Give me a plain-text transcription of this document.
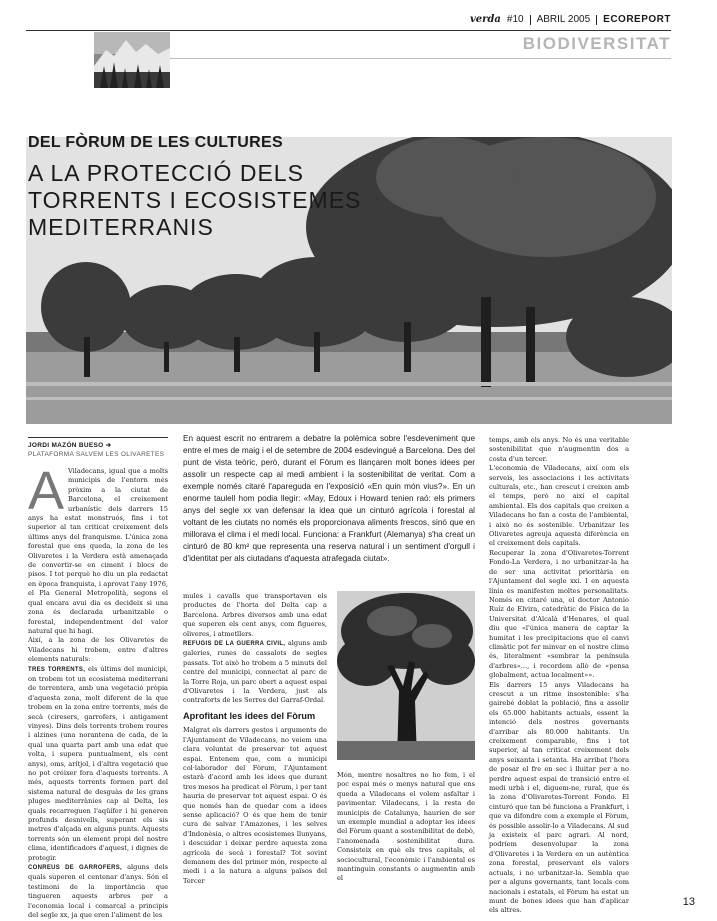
verda #10 ABRIL 2005 ECOREPORT
BIODIVERSITAT
DEL FÒRUM DE LES CULTURES
A LA PROTECCIÓ DELS TORRENTS I ECOSISTEMES MEDITERRANIS
JORDI MAZÓN BUESO ➔
PLATAFORMA SALVEM LES OLIVARETES
En aquest escrit no entrarem a debatre la polèmica sobre l'esdeveniment que entre el mes de maig i el de setembre de 2004 esdevingué a Barcelona. Des del punt de vista teòric, però, durant el Fòrum es llançaren molt bones idees per assolir un respecte cap al medi ambient i la sostenibilitat de veritat. Com a exemple només citaré l'apareguda en l'exposició «En quin món vius?». En un enorme taulell hom podia llegir: «May, Edoux i Howard tenien raó: els primers anys del segle xx van defensar la idea que un cinturó agrícola i forestal al voltant de les ciutats no només els proporcionava aliments frescos, sinó que en millorava el clima i el medi local. Funciona: a Frankfurt (Alemanya) s'ha creat un cinturó de 80 km² que representa una reserva natural i un sentiment d'orgull i d'identitat per als ciutadans d'aquesta atrafegada ciutat».
A Viladecans, igual que a molts municipis de l'entorn més pròxim a la ciutat de Barcelona, el creixement urbanístic dels darrers 15 anys ha estat monstruós, fins i tot superior al tan criticat creixement dels últims anys del franquisme. L'única zona forestal que ens queda, la zona de les Olivaretes i la Verdera està amenaçada de convertir-se en ciment i blocs de pisos. I tot perquè ho diu un pla redactat en època franquista, i aprovat l'any 1976, el Pla General Metropolità, segons el qual encara avui dia es decideix si una zona és declarada urbanitzable o forestal, independentment del valor natural que hi hagi.

Així, a la zona de les Olivaretes de Viladecans hi trobem, entre d'altres elements naturals:

TRES TORRENTS, els últims del municipi, on trobem tot un ecosistema mediterrani de torrentera, amb una vegetació pròpia d'aquesta zona, molt diferent de la que trobem en la zona entre torrents, més de secà (ciresers, garrofers, i antigament vinyes). Dins dels torrents trobem roures i alzines (una norantena de cada, de la qual una quarta part amb una edat que volta, i supera puntualment, els cent anys), oms, arítjol, i d'altra vegetació que no pot créixer fora d'aquests torrents. A més, aquests torrents formen part del sistema natural de desguàs de les grans pluges mediterrànies cap al Delta, les quals recarreguen l'aqüífer i hi generen profunds desnivells, superant els sis metres d'alçada en alguns punts. Aquests torrents són un element propi del nostre clima, identificadors d'aquest, i dignes de protegir.

CONREUS DE GARROFERS, alguns dels quals superen el centenar d'anys. Són el testimoni de la importància que tingueren aquests arbres per a l'economia local i comarcal a principis del segle xx, ja que eren l'aliment de les

mules i cavalls que transportaven els productes de l'horta del Delta cap a Barcelona. Arbres diversos amb una edat que superen els cent anys, com figueres, oliveres, i atmetllers.

REFUGIS DE LA GUERRA CIVIL, alguns amb galeries, runes de cassalots de segles passats. Tot això ho trobem a 5 minuts del centre del municipi, connectat al parc de la Torre Roja, un parc obert a aquest espai d'Olivaretes i la Verdera, just als contraforts de les Serres del Garraf-Ordal.

Aprofitant les idees del Fòrum

Malgrat els darrers gestos i arguments de l'Ajuntament de Viladecans, no veiem una clara voluntat de preservar tot aquest espai. Entenem que, com a municipi col·laborador del Fòrum, l'Ajuntament estarà d'acord amb les idees que durant tres mesos ha predicat el Fòrum, i per tant hauria de preservar tot aquest espai. O és que només han de quedar com a idees sense aplicació? O és que hem de tenir cura de salvar l'Amazones, i les selves d'Indonèsia, o altres ecosistemes llunyans, i descuidar i deixar perdre aquesta zona agrícola de secà i forestal? Tot sovint demanem des del primer món, respecte al medi i a la natura a alguns països del Tercer

Món, mentre nosaltres no ho fem, i el poc espai més o menys natural que ens queda a Viladecans el volem asfaltar i pavimentar. Viladecans, i la resta de municipis de Catalunya, haurien de ser un exemple mundial a adoptar les idees del Fòrum quant a sostenibilitat de debò, l'anomenada sostenibilitat dura. Consisteix en què els tres capitals, el sociocultural, l'econòmic i l'ambiental es mantinguin constants o augmentin amb el

temps, amb els anys. No és una veritable sostenibilitat que n'augmentin dos a costa d'un tercer.

L'economia de Viladecans, així com els serveis, les associacions i les activitats culturals, etc., han crescut i creixen amb el temps, però no així el capital ambiental. Els dos capitals que creixen a Viladecans ho fan a costa de l'ambiental, i això no és sostenible. Urbanitzar les Olivaretes agreuja aquesta diferència en el creixement dels capitals.

Recuperar la zona d'Olivaretes-Torrent Fondo-La Verdera, i no urbanitzar-la ha de ser una activitat prioritària en l'Ajuntament del segle xxi. I en aquesta línia es manifesten moltes personalitats. Només en citaré una, el doctor Antonio Ruíz de Elvira, catedràtic de Física de la Universitat d'Alcalà d'Henares, el qual diu que «l'única manera de captar la humitat i les precipitacions que el canvi climàtic pot fer minvar en el nostre clima és, literalment «sembrar la península d'arbres»..., i recordem allò de «pensa globalment, actua localment»».

Els darrers 15 anys Viladecans ha crescut a un ritme insostenible: s'ha gairebé doblat la població, fins a assolir els 65.000 habitants actuals, essent la intenció dels nostres governants d'arribar als 80.000 habitants. Un creixement comparable, fins i tot superior, al tan criticat creixement dels anys seixanta i setanta. Ha arribat l'hora de posar el fre en sec i lluitar per a no perdre aquest espai de transició entre el medi urbà i el, diguem-ne, rural, que és la zona d'Olivaretes-Torrent Fondo. El cinturó que tan bé funciona a Frankfurt, i que va difondre com a exemple el Fòrum, és possible assolir-lo a Viladecans. Al sud ja existeix el parc agrari. Al nord, podríem desenvolupar la zona d'Olivaretes i la Verdera en un autèntica zona forestal, preservant els valors actuals, i no urbanitzar-la. Sembla que per a alguns governants, tant locals com nacionals i estatals, el Fòrum ha estat un munt de bones idees que han d'aplicar els altres.

13
